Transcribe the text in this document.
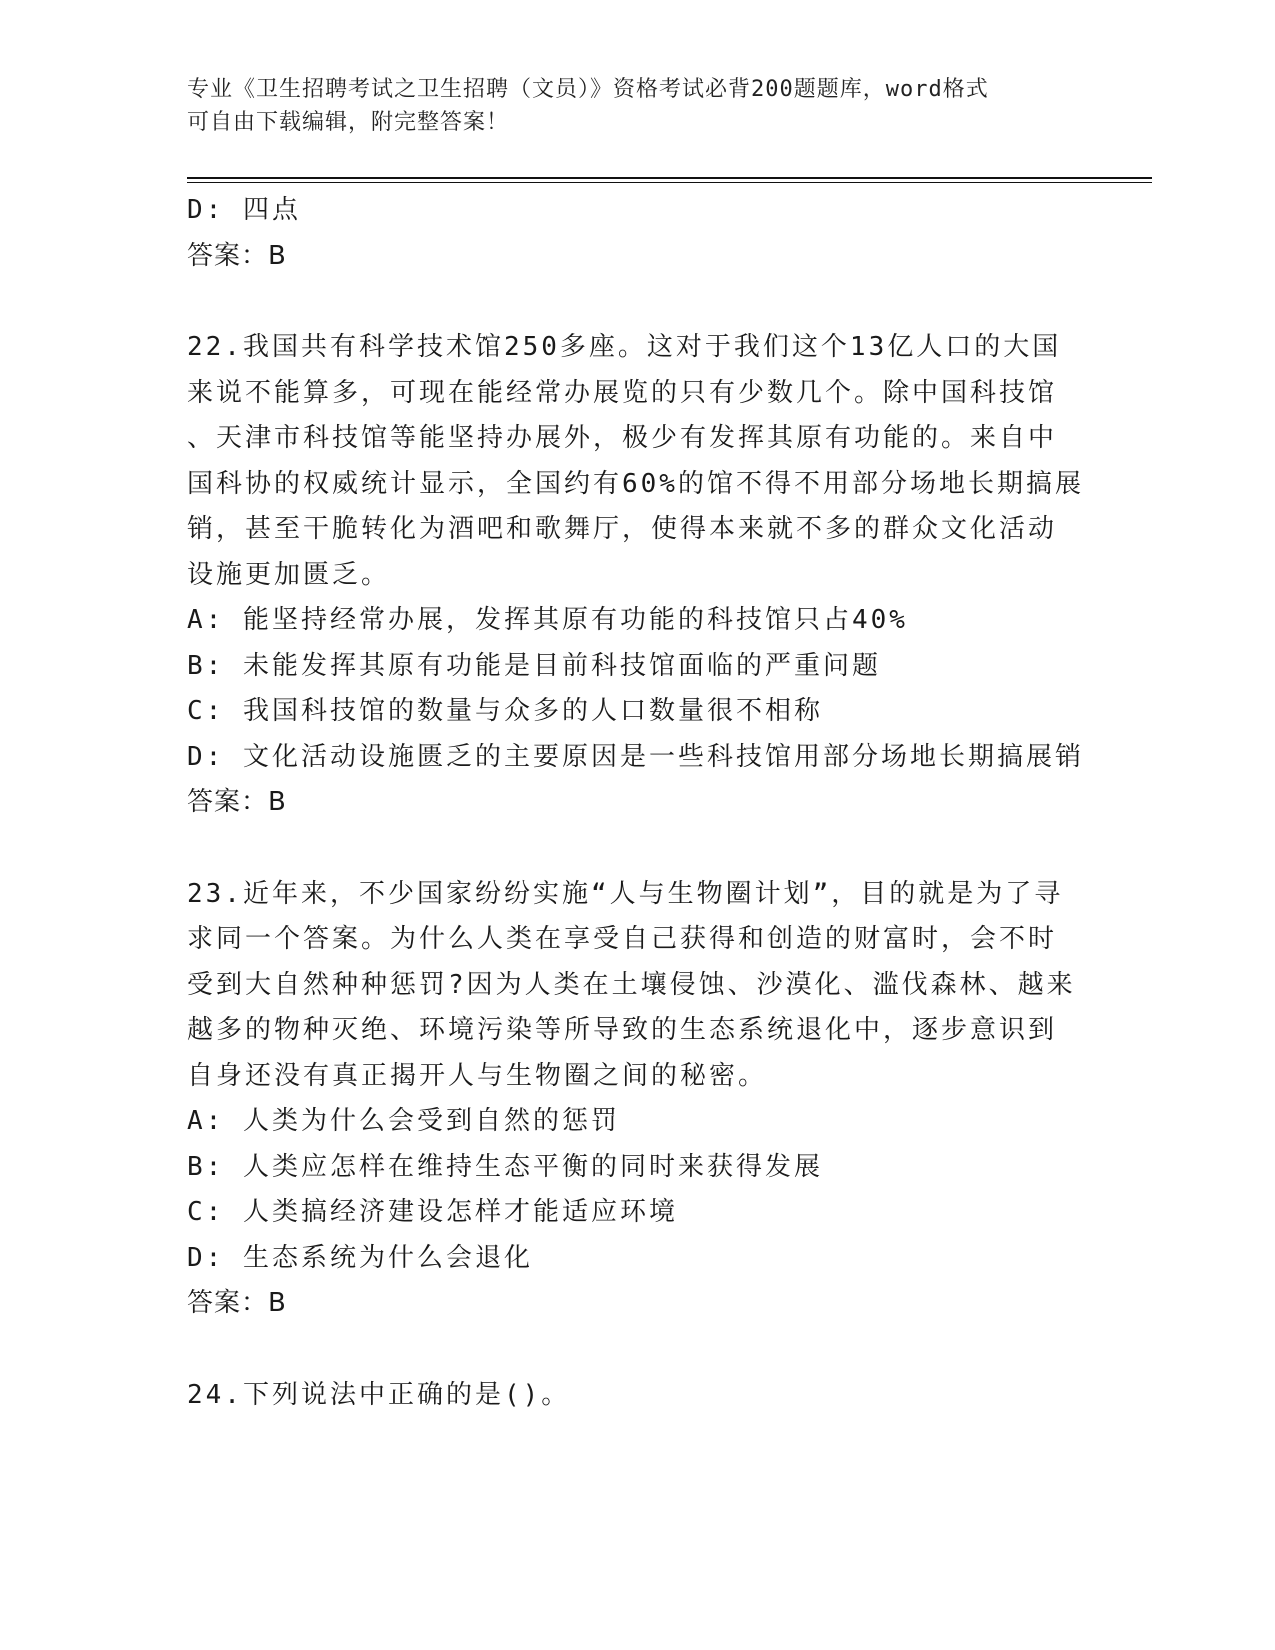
专业《卫生招聘考试之卫生招聘（文员）》资格考试必背200题题库，word格式
可自由下载编辑，附完整答案！
D: 四点
答案：B
22.我国共有科学技术馆250多座。这对于我们这个13亿人口的大国
来说不能算多，可现在能经常办展览的只有少数几个。除中国科技馆
、天津市科技馆等能坚持办展外，极少有发挥其原有功能的。来自中
国科协的权威统计显示，全国约有60%的馆不得不用部分场地长期搞展
销，甚至干脆转化为酒吧和歌舞厅，使得本来就不多的群众文化活动
设施更加匮乏。
A: 能坚持经常办展，发挥其原有功能的科技馆只占40%
B: 未能发挥其原有功能是目前科技馆面临的严重问题
C: 我国科技馆的数量与众多的人口数量很不相称
D: 文化活动设施匮乏的主要原因是一些科技馆用部分场地长期搞展销
答案：B
23.近年来，不少国家纷纷实施“人与生物圈计划”，目的就是为了寻
求同一个答案。为什么人类在享受自己获得和创造的财富时，会不时
受到大自然种种惩罚?因为人类在土壤侵蚀、沙漠化、滥伐森林、越来
越多的物种灭绝、环境污染等所导致的生态系统退化中，逐步意识到
自身还没有真正揭开人与生物圈之间的秘密。
A: 人类为什么会受到自然的惩罚
B: 人类应怎样在维持生态平衡的同时来获得发展
C: 人类搞经济建设怎样才能适应环境
D: 生态系统为什么会退化
答案：B
24.下列说法中正确的是()。
